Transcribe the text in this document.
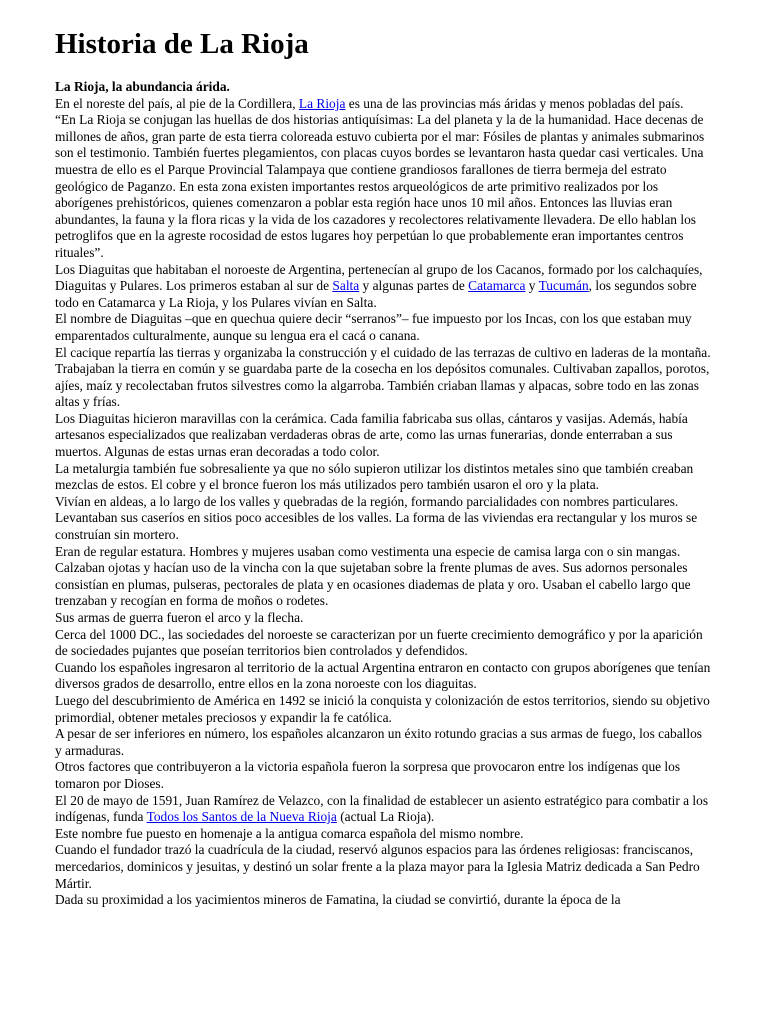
Historia de La Rioja

La Rioja, la abundancia árida.

En el noreste del país, al pie de la Cordillera, La Rioja es una de las provincias más áridas y menos pobladas del país.

“En La Rioja se conjugan las huellas de dos historias antiquísimas: La del planeta y la de la humanidad. Hace decenas de millones de años, gran parte de esta tierra coloreada estuvo cubierta por el mar: Fósiles de plantas y animales submarinos son el testimonio. También fuertes plegamientos, con placas cuyos bordes se levantaron hasta quedar casi verticales. Una muestra de ello es el Parque Provincial Talampaya que contiene grandiosos farallones de tierra bermeja del estrato geológico de Paganzo. En esta zona existen importantes restos arqueológicos de arte primitivo realizados por los aborígenes prehistóricos, quienes comenzaron a poblar esta región hace unos 10 mil años. Entonces las lluvias eran abundantes, la fauna y la flora ricas y la vida de los cazadores y recolectores relativamente llevadera. De ello hablan los petroglifos que en la agreste rocosidad de estos lugares hoy perpetúan lo que probablemente eran importantes centros rituales”.

Los Diaguitas que habitaban el noroeste de Argentina, pertenecían al grupo de los Cacanos, formado por los calchaquíes, Diaguitas y Pulares. Los primeros estaban al sur de Salta y algunas partes de Catamarca y Tucumán, los segundos sobre todo en Catamarca y La Rioja, y los Pulares vivían en Salta.

El nombre de Diaguitas –que en quechua quiere decir “serranos”– fue impuesto por los Incas, con los que estaban muy emparentados culturalmente, aunque su lengua era el cacá o canana.

El cacique repartía las tierras y organizaba la construcción y el cuidado de las terrazas de cultivo en laderas de la montaña. Trabajaban la tierra en común y se guardaba parte de la cosecha en los depósitos comunales. Cultivaban zapallos, porotos, ajíes, maíz y recolectaban frutos silvestres como la algarroba. También criaban llamas y alpacas, sobre todo en las zonas altas y frías.

Los Diaguitas hicieron maravillas con la cerámica. Cada familia fabricaba sus ollas, cántaros y vasijas. Además, había artesanos especializados que realizaban verdaderas obras de arte, como las urnas funerarias, donde enterraban a sus muertos. Algunas de estas urnas eran decoradas a todo color.

La metalurgia también fue sobresaliente ya que no sólo supieron utilizar los distintos metales sino que también creaban mezclas de estos. El cobre y el bronce fueron los más utilizados pero también usaron el oro y la plata.

Vivían en aldeas, a lo largo de los valles y quebradas de la región, formando parcialidades con nombres particulares.

Levantaban sus caseríos en sitios poco accesibles de los valles. La forma de las viviendas era rectangular y los muros se construían sin mortero.

Eran de regular estatura. Hombres y mujeres usaban como vestimenta una especie de camisa larga con o sin mangas. Calzaban ojotas y hacían uso de la vincha con la que sujetaban sobre la frente plumas de aves. Sus adornos personales consistían en plumas, pulseras, pectorales de plata y en ocasiones diademas de plata y oro. Usaban el cabello largo que trenzaban y recogían en forma de moños o rodetes.

Sus armas de guerra fueron el arco y la flecha.

Cerca del 1000 DC., las sociedades del noroeste se caracterizan por un fuerte crecimiento demográfico y por la aparición de sociedades pujantes que poseían territorios bien controlados y defendidos.

Cuando los españoles ingresaron al territorio de la actual Argentina entraron en contacto con grupos aborígenes que tenían diversos grados de desarrollo, entre ellos en la zona noroeste con los diaguitas.

Luego del descubrimiento de América en 1492 se inició la conquista y colonización de estos territorios, siendo su objetivo primordial, obtener metales preciosos y expandir la fe católica.

A pesar de ser inferiores en número, los españoles alcanzaron un éxito rotundo gracias a sus armas de fuego, los caballos y armaduras.

Otros factores que contribuyeron a la victoria española fueron la sorpresa que provocaron entre los indígenas que los tomaron por Dioses.

El 20 de mayo de 1591, Juan Ramírez de Velazco, con la finalidad de establecer un asiento estratégico para combatir a los indígenas, funda Todos los Santos de la Nueva Rioja (actual La Rioja).

Este nombre fue puesto en homenaje a la antigua comarca española del mismo nombre.

Cuando el fundador trazó la cuadrícula de la ciudad, reservó algunos espacios para las órdenes religiosas: franciscanos, mercedarios, dominicos y jesuitas, y destinó un solar frente a la plaza mayor para la Iglesia Matriz dedicada a San Pedro Mártir.

Dada su proximidad a los yacimientos mineros de Famatina, la ciudad se convirtió, durante la época de la
